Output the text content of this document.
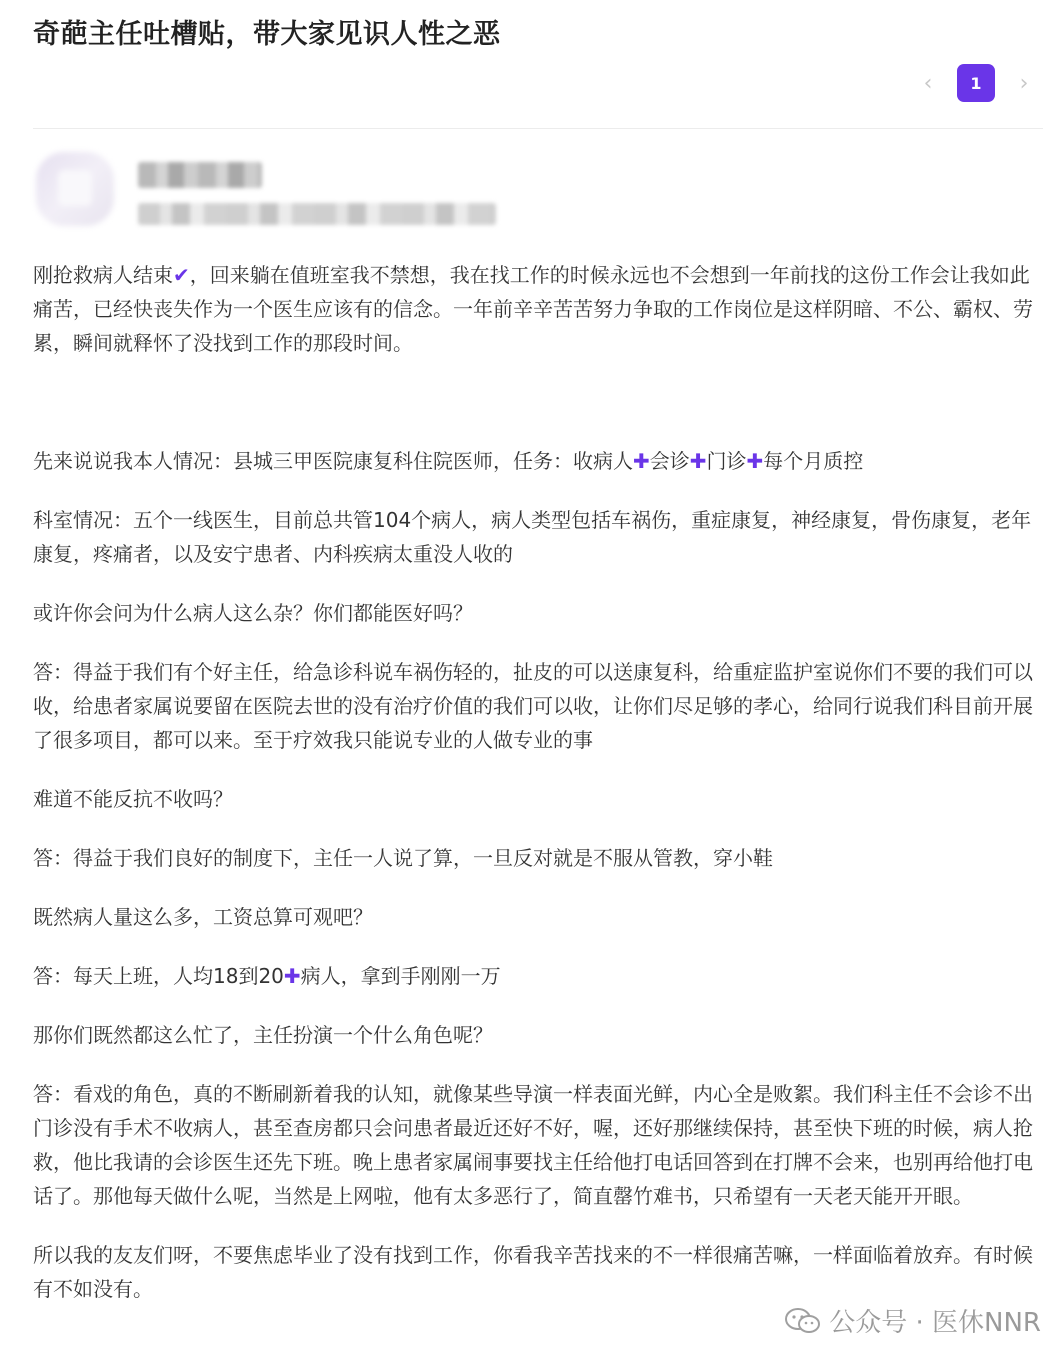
奇葩主任吐槽贴，带大家见识人性之恶
‹	1	›

刚抢救病人结束✔，回来躺在值班室我不禁想，我在找工作的时候永远也不会想到一年前找的这份工作会让我如此痛苦，已经快丧失作为一个医生应该有的信念。一年前辛辛苦苦努力争取的工作岗位是这样阴暗、不公、霸权、劳累，瞬间就释怀了没找到工作的那段时间。

先来说说我本人情况：县城三甲医院康复科住院医师，任务：收病人✚会诊✚门诊✚每个月质控

科室情况：五个一线医生，目前总共管104个病人，病人类型包括车祸伤，重症康复，神经康复，骨伤康复，老年康复，疼痛者，以及安宁患者、内科疾病太重没人收的

或许你会问为什么病人这么杂？你们都能医好吗？

答：得益于我们有个好主任，给急诊科说车祸伤轻的，扯皮的可以送康复科，给重症监护室说你们不要的我们可以收，给患者家属说要留在医院去世的没有治疗价值的我们可以收，让你们尽足够的孝心，给同行说我们科目前开展了很多项目，都可以来。至于疗效我只能说专业的人做专业的事

难道不能反抗不收吗？

答：得益于我们良好的制度下，主任一人说了算，一旦反对就是不服从管教，穿小鞋

既然病人量这么多，工资总算可观吧？

答：每天上班，人均18到20✚病人，拿到手刚刚一万

那你们既然都这么忙了，主任扮演一个什么角色呢？

答：看戏的角色，真的不断刷新着我的认知，就像某些导演一样表面光鲜，内心全是败絮。我们科主任不会诊不出门诊没有手术不收病人，甚至查房都只会问患者最近还好不好，喔，还好那继续保持，甚至快下班的时候，病人抢救，他比我请的会诊医生还先下班。晚上患者家属闹事要找主任给他打电话回答到在打牌不会来，也别再给他打电话了。那他每天做什么呢，当然是上网啦，他有太多恶行了，简直罄竹难书，只希望有一天老天能开开眼。

所以我的友友们呀，不要焦虑毕业了没有找到工作，你看我辛苦找来的不一样很痛苦嘛，一样面临着放弃。有时候有不如没有。

公众号 · 医休NNR
